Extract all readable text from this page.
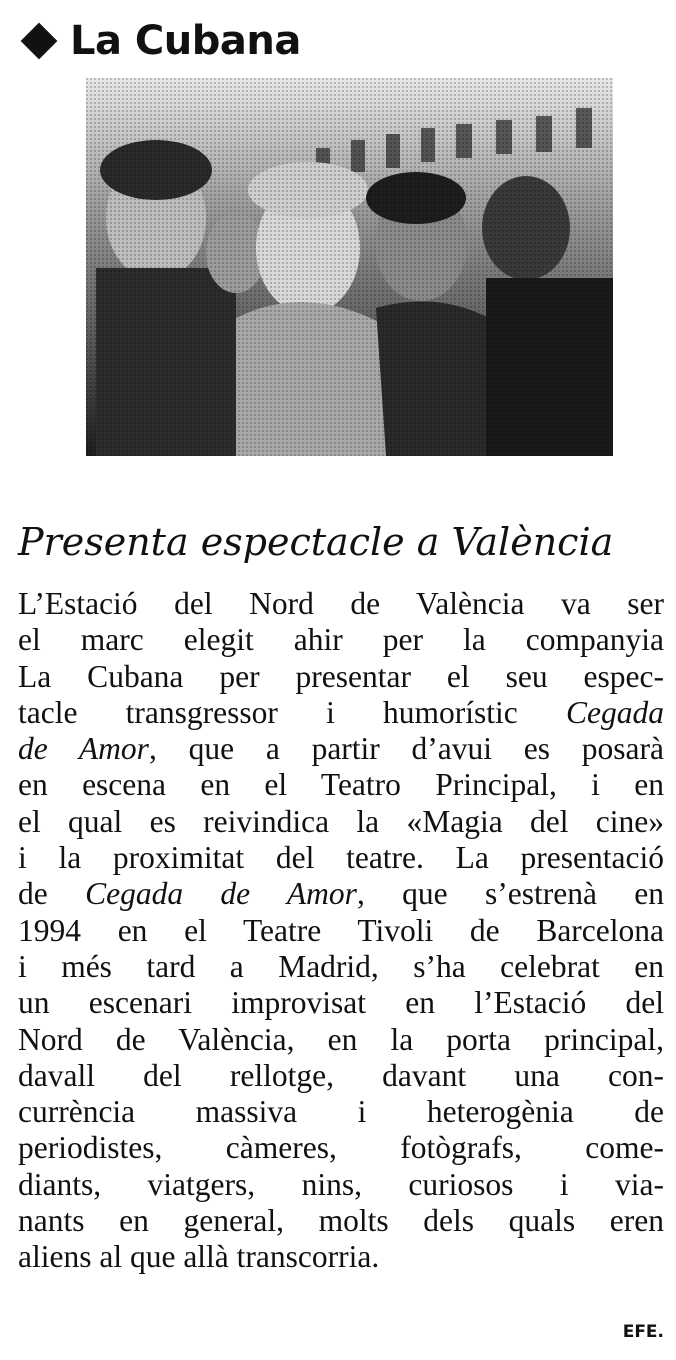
La Cubana
Presenta espectacle a València
L’Estació del Nord de València va ser
el marc elegit ahir per la companyia
La Cubana per presentar el seu espec-
tacle transgressor i humorístic Cegada
de Amor, que a partir d’avui es posarà
en escena en el Teatro Principal, i en
el qual es reivindica la «Magia del cine»
i la proximitat del teatre. La presentació
de Cegada de Amor, que s’estrenà en
1994 en el Teatre Tivoli de Barcelona
i més tard a Madrid, s’ha celebrat en
un escenari improvisat en l’Estació del
Nord de València, en la porta principal,
davall del rellotge, davant una con-
currència massiva i heterogènia de
periodistes, càmeres, fotògrafs, come-
diants, viatgers, nins, curiosos i via-
nants en general, molts dels quals eren
aliens al que allà transcorria.
EFE.
